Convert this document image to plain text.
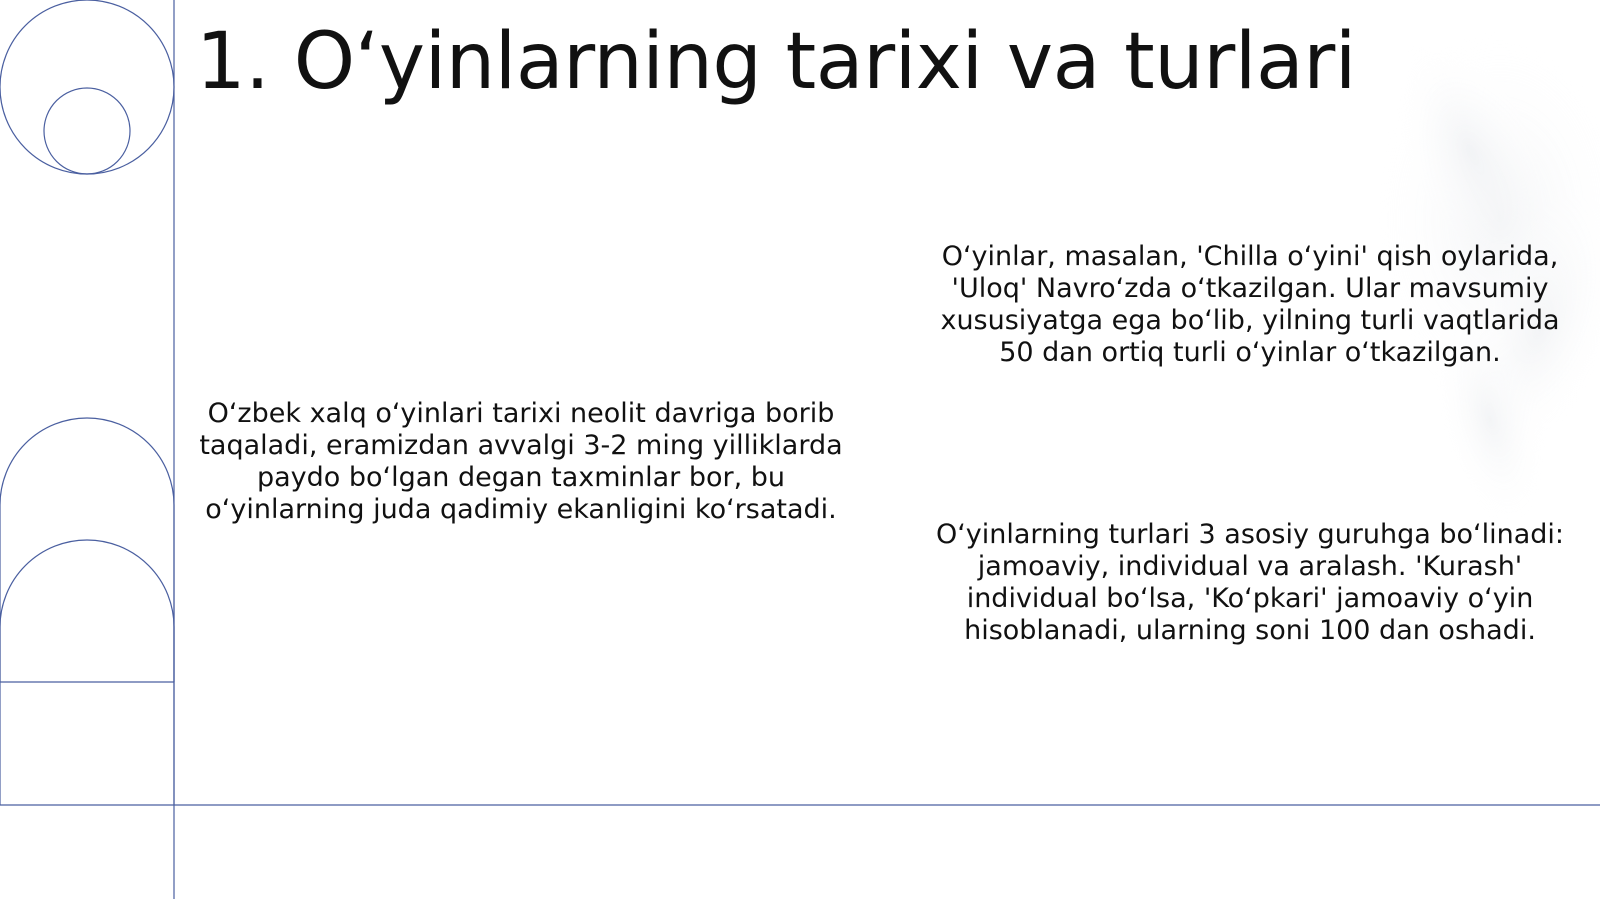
1. O‘yinlarning tarixi va turlari

O‘zbek xalq o‘yinlari tarixi neolit davriga borib taqaladi, eramizdan avvalgi 3-2 ming yilliklarda paydo bo‘lgan degan taxminlar bor, bu o‘yinlarning juda qadimiy ekanligini ko‘rsatadi.

O‘yinlar, masalan, 'Chilla o‘yini' qish oylarida, 'Uloq' Navro‘zda o‘tkazilgan. Ular mavsumiy xususiyatga ega bo‘lib, yilning turli vaqtlarida 50 dan ortiq turli o‘yinlar o‘tkazilgan.

O‘yinlarning turlari 3 asosiy guruhga bo‘linadi: jamoaviy, individual va aralash. 'Kurash' individual bo‘lsa, 'Ko‘pkari' jamoaviy o‘yin hisoblanadi, ularning soni 100 dan oshadi.
